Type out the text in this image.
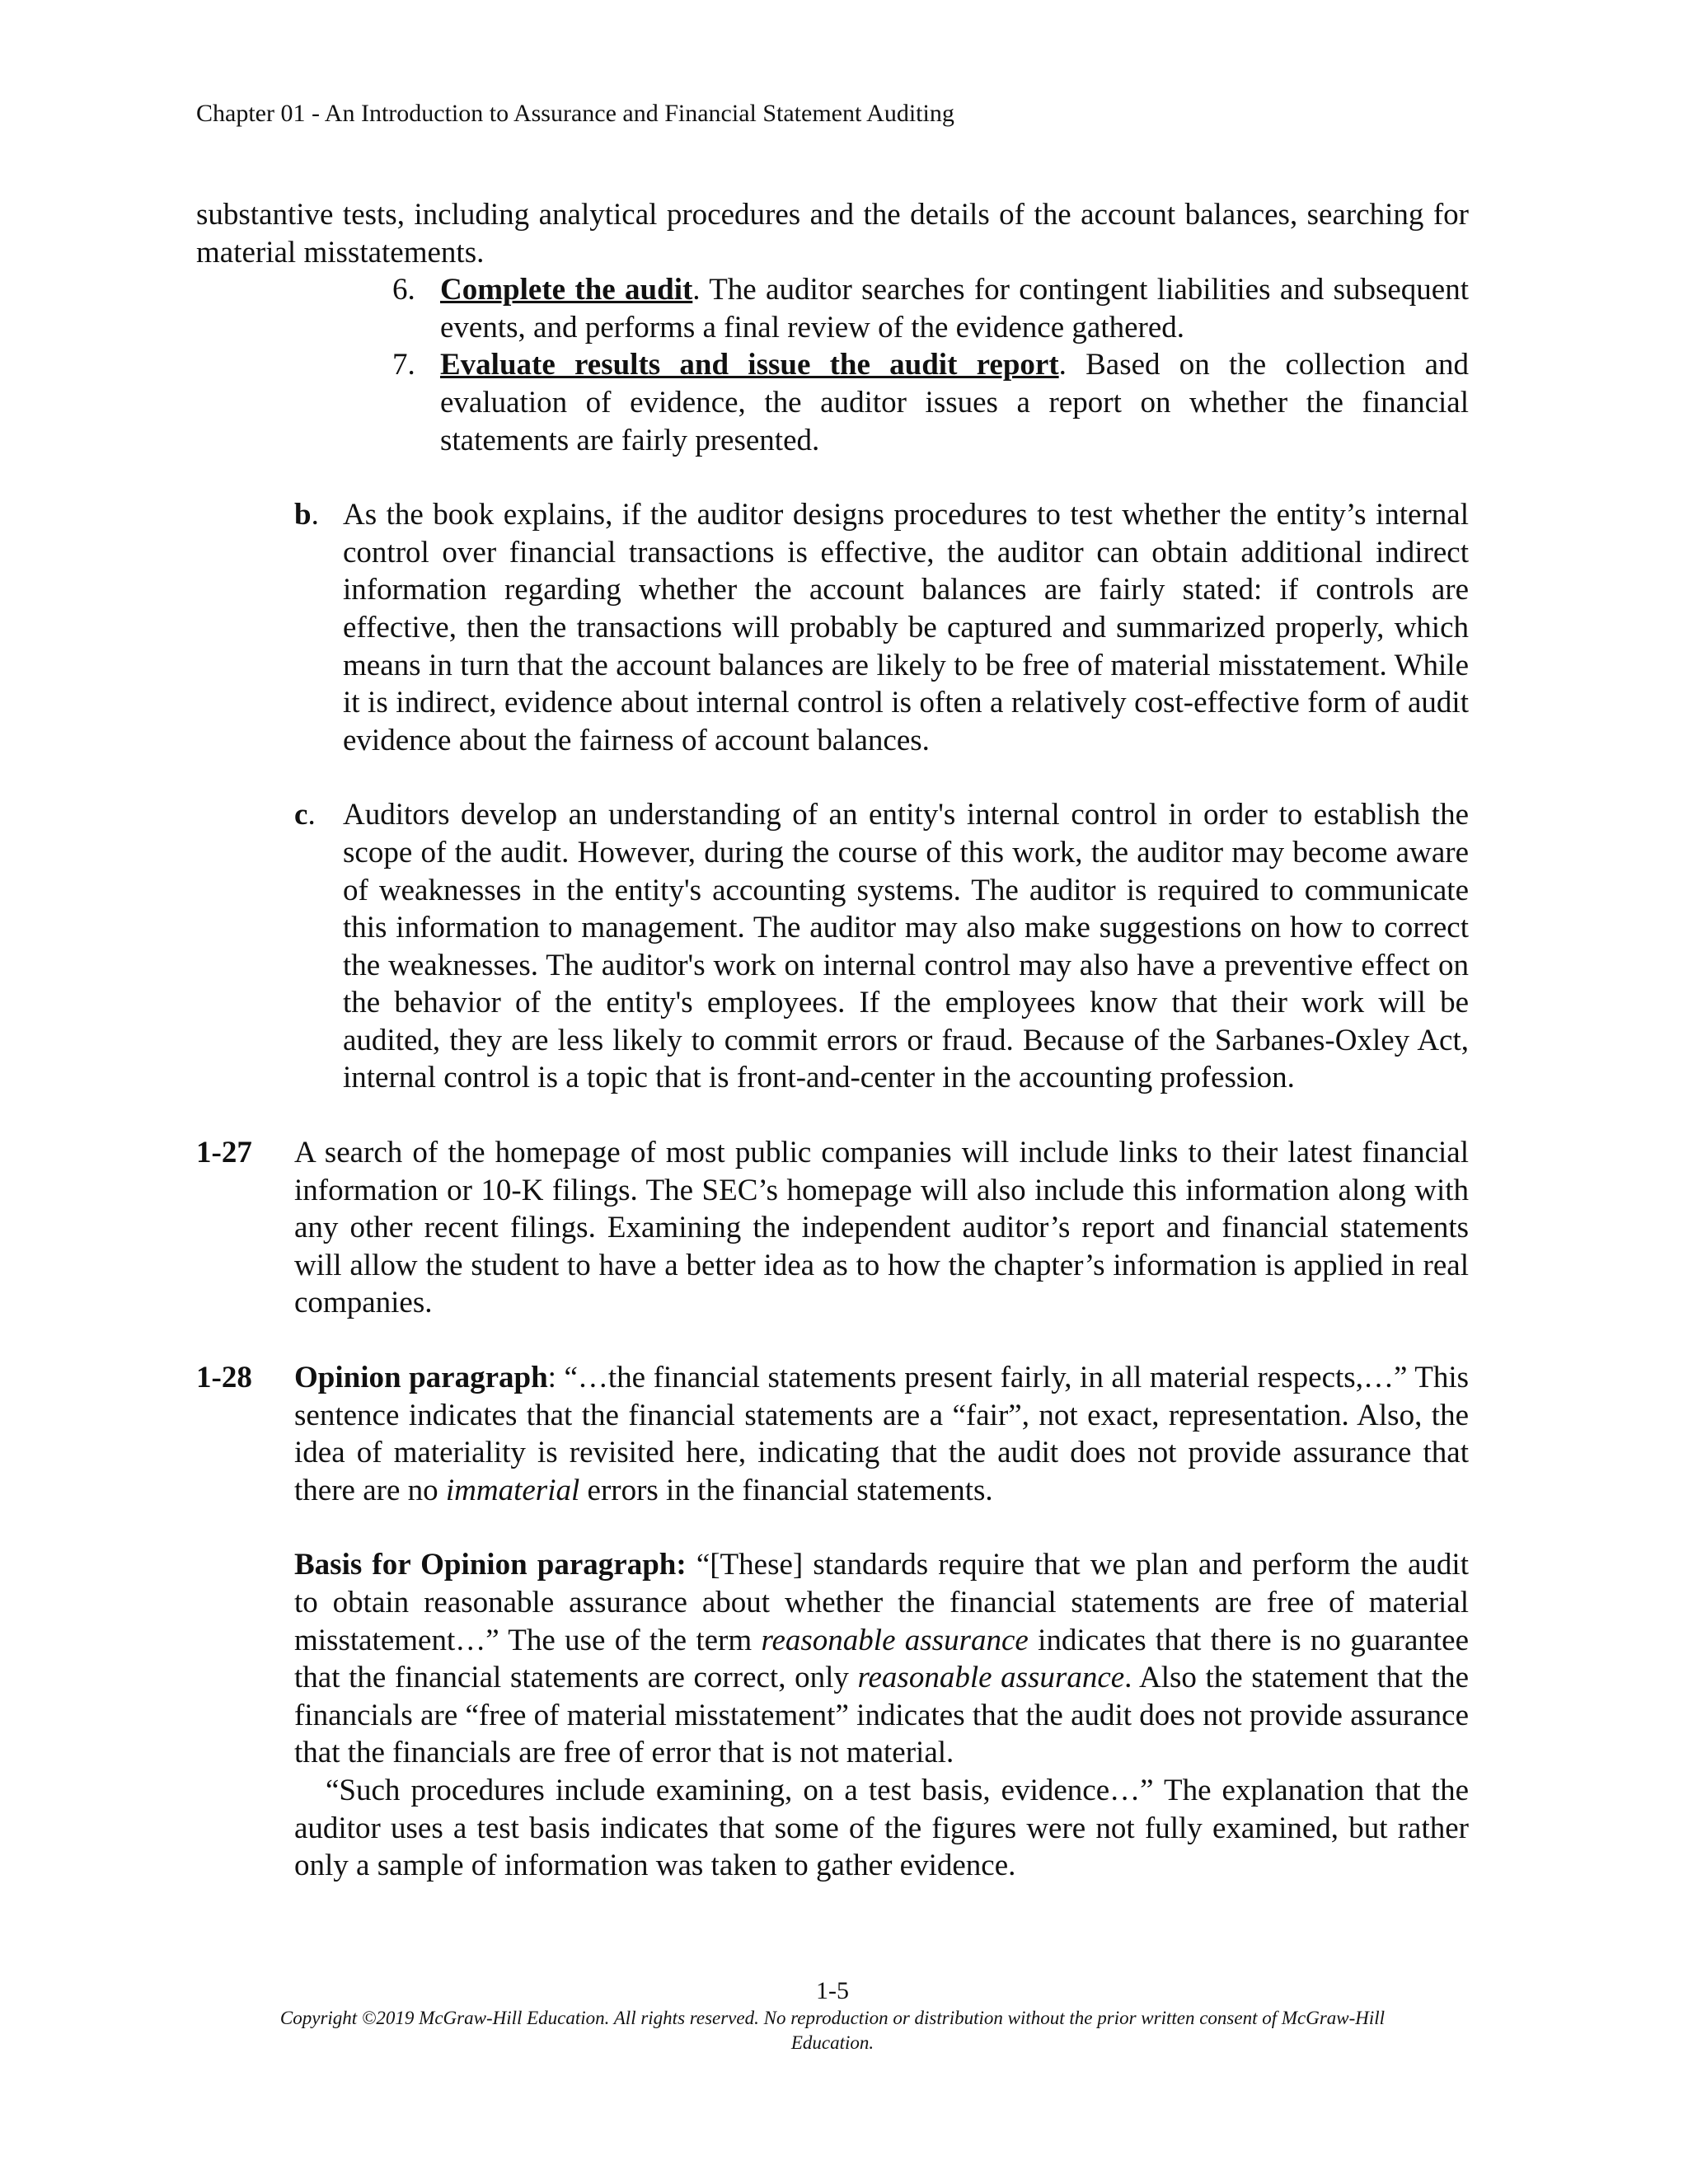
Chapter 01 - An Introduction to Assurance and Financial Statement Auditing

substantive tests, including analytical procedures and the details of the account balances, searching for material misstatements.

6. Complete the audit. The auditor searches for contingent liabilities and subsequent events, and performs a final review of the evidence gathered.
7. Evaluate results and issue the audit report. Based on the collection and evaluation of evidence, the auditor issues a report on whether the financial statements are fairly presented.
b. As the book explains, if the auditor designs procedures to test whether the entity’s internal control over financial transactions is effective, the auditor can obtain additional indirect information regarding whether the account balances are fairly stated: if controls are effective, then the transactions will probably be captured and summarized properly, which means in turn that the account balances are likely to be free of material misstatement. While it is indirect, evidence about internal control is often a relatively cost-effective form of audit evidence about the fairness of account balances.
c. Auditors develop an understanding of an entity's internal control in order to establish the scope of the audit. However, during the course of this work, the auditor may become aware of weaknesses in the entity's accounting systems. The auditor is required to communicate this information to management. The auditor may also make suggestions on how to correct the weaknesses. The auditor's work on internal control may also have a preventive effect on the behavior of the entity's employees. If the employees know that their work will be audited, they are less likely to commit errors or fraud. Because of the Sarbanes-Oxley Act, internal control is a topic that is front-and-center in the accounting profession.
1-27 A search of the homepage of most public companies will include links to their latest financial information or 10-K filings. The SEC’s homepage will also include this information along with any other recent filings. Examining the independent auditor’s report and financial statements will allow the student to have a better idea as to how the chapter’s information is applied in real companies.
1-28 Opinion paragraph: “…the financial statements present fairly, in all material respects,…” This sentence indicates that the financial statements are a “fair”, not exact, representation. Also, the idea of materiality is revisited here, indicating that the audit does not provide assurance that there are no immaterial errors in the financial statements.
Basis for Opinion paragraph: “[These] standards require that we plan and perform the audit to obtain reasonable assurance about whether the financial statements are free of material misstatement…” The use of the term reasonable assurance indicates that there is no guarantee that the financial statements are correct, only reasonable assurance. Also the statement that the financials are “free of material misstatement” indicates that the audit does not provide assurance that the financials are free of error that is not material.
“Such procedures include examining, on a test basis, evidence…” The explanation that the auditor uses a test basis indicates that some of the figures were not fully examined, but rather only a sample of information was taken to gather evidence.
1-5
Copyright ©2019 McGraw-Hill Education. All rights reserved. No reproduction or distribution without the prior written consent of McGraw-Hill Education.
